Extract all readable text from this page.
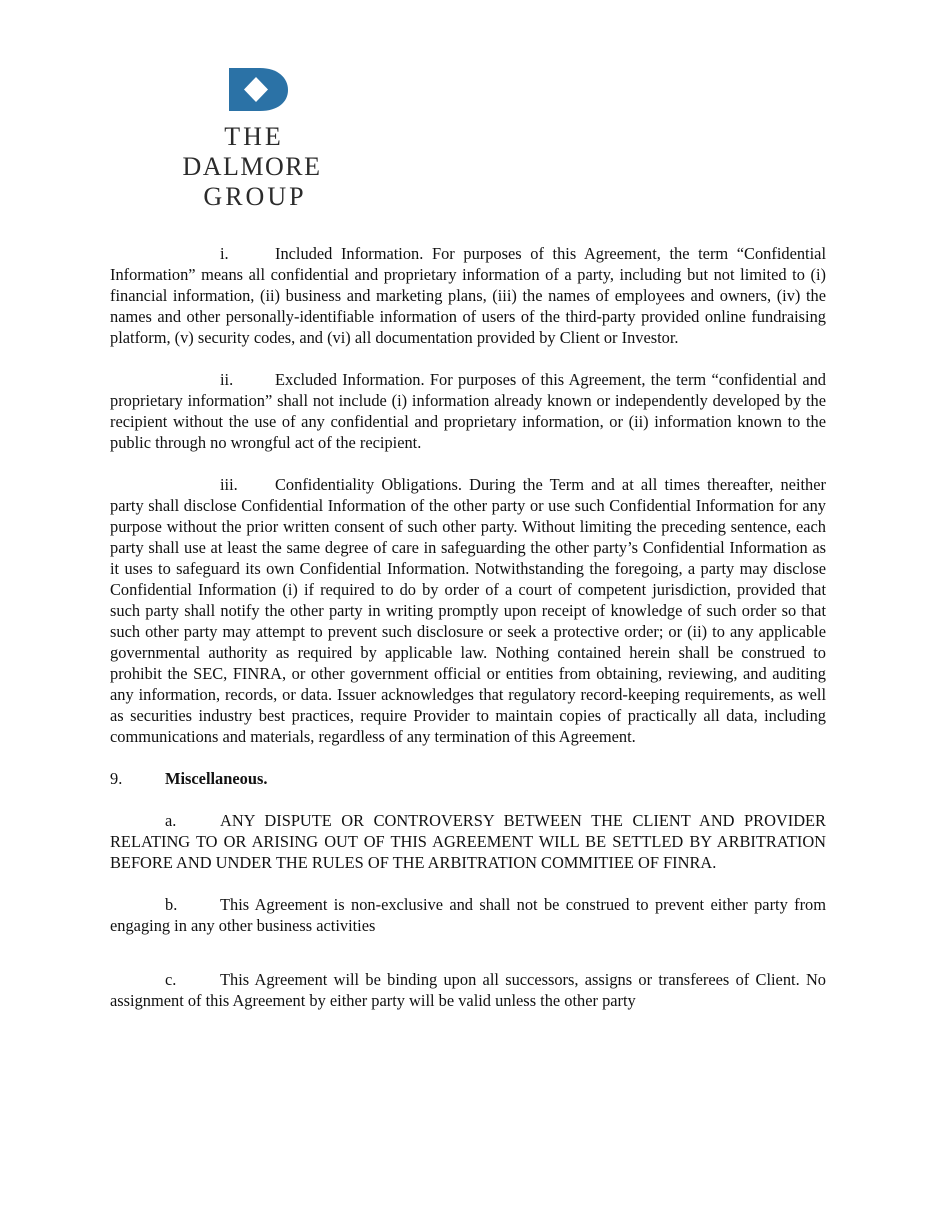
THE
DALMORE
GROUP

i.	Included Information. For purposes of this Agreement, the term “Confidential Information” means all confidential and proprietary information of a party, including but not limited to (i) financial information, (ii) business and marketing plans, (iii) the names of employees and owners, (iv) the names and other personally-identifiable information of users of the third-party provided online fundraising platform, (v) security codes, and (vi) all documentation provided by Client or Investor.

ii.	Excluded Information. For purposes of this Agreement, the term “confidential and proprietary information” shall not include (i) information already known or independently developed by the recipient without the use of any confidential and proprietary information, or (ii) information known to the public through no wrongful act of the recipient.

iii. Confidentiality Obligations. During the Term and at all times thereafter, neither party shall disclose Confidential Information of the other party or use such Confidential Information for any purpose without the prior written consent of such other party. Without limiting the preceding sentence, each party shall use at least the same degree of care in safeguarding the other party’s Confidential Information as it uses to safeguard its own Confidential Information. Notwithstanding the foregoing, a party may disclose Confidential Information (i) if required to do by order of a court of competent jurisdiction, provided that such party shall notify the other party in writing promptly upon receipt of knowledge of such order so that such other party may attempt to prevent such disclosure or seek a protective order; or (ii) to any applicable governmental authority as required by applicable law. Nothing contained herein shall be construed to prohibit the SEC, FINRA, or other government official or entities from obtaining, reviewing, and auditing any information, records, or data. Issuer acknowledges that regulatory record-keeping requirements, as well as securities industry best practices, require Provider to maintain copies of practically all data, including communications and materials, regardless of any termination of this Agreement.

9.	Miscellaneous.

a.	ANY DISPUTE OR CONTROVERSY BETWEEN THE CLIENT AND PROVIDER RELATING TO OR ARISING OUT OF THIS AGREEMENT WILL BE SETTLED BY ARBITRATION BEFORE AND UNDER THE RULES OF THE ARBITRATION COMMITIEE OF FINRA.

b.	This Agreement is non-exclusive and shall not be construed to prevent either party from engaging in any other business activities

c.	This Agreement will be binding upon all successors, assigns or transferees of Client. No assignment of this Agreement by either party will be valid unless the other party
